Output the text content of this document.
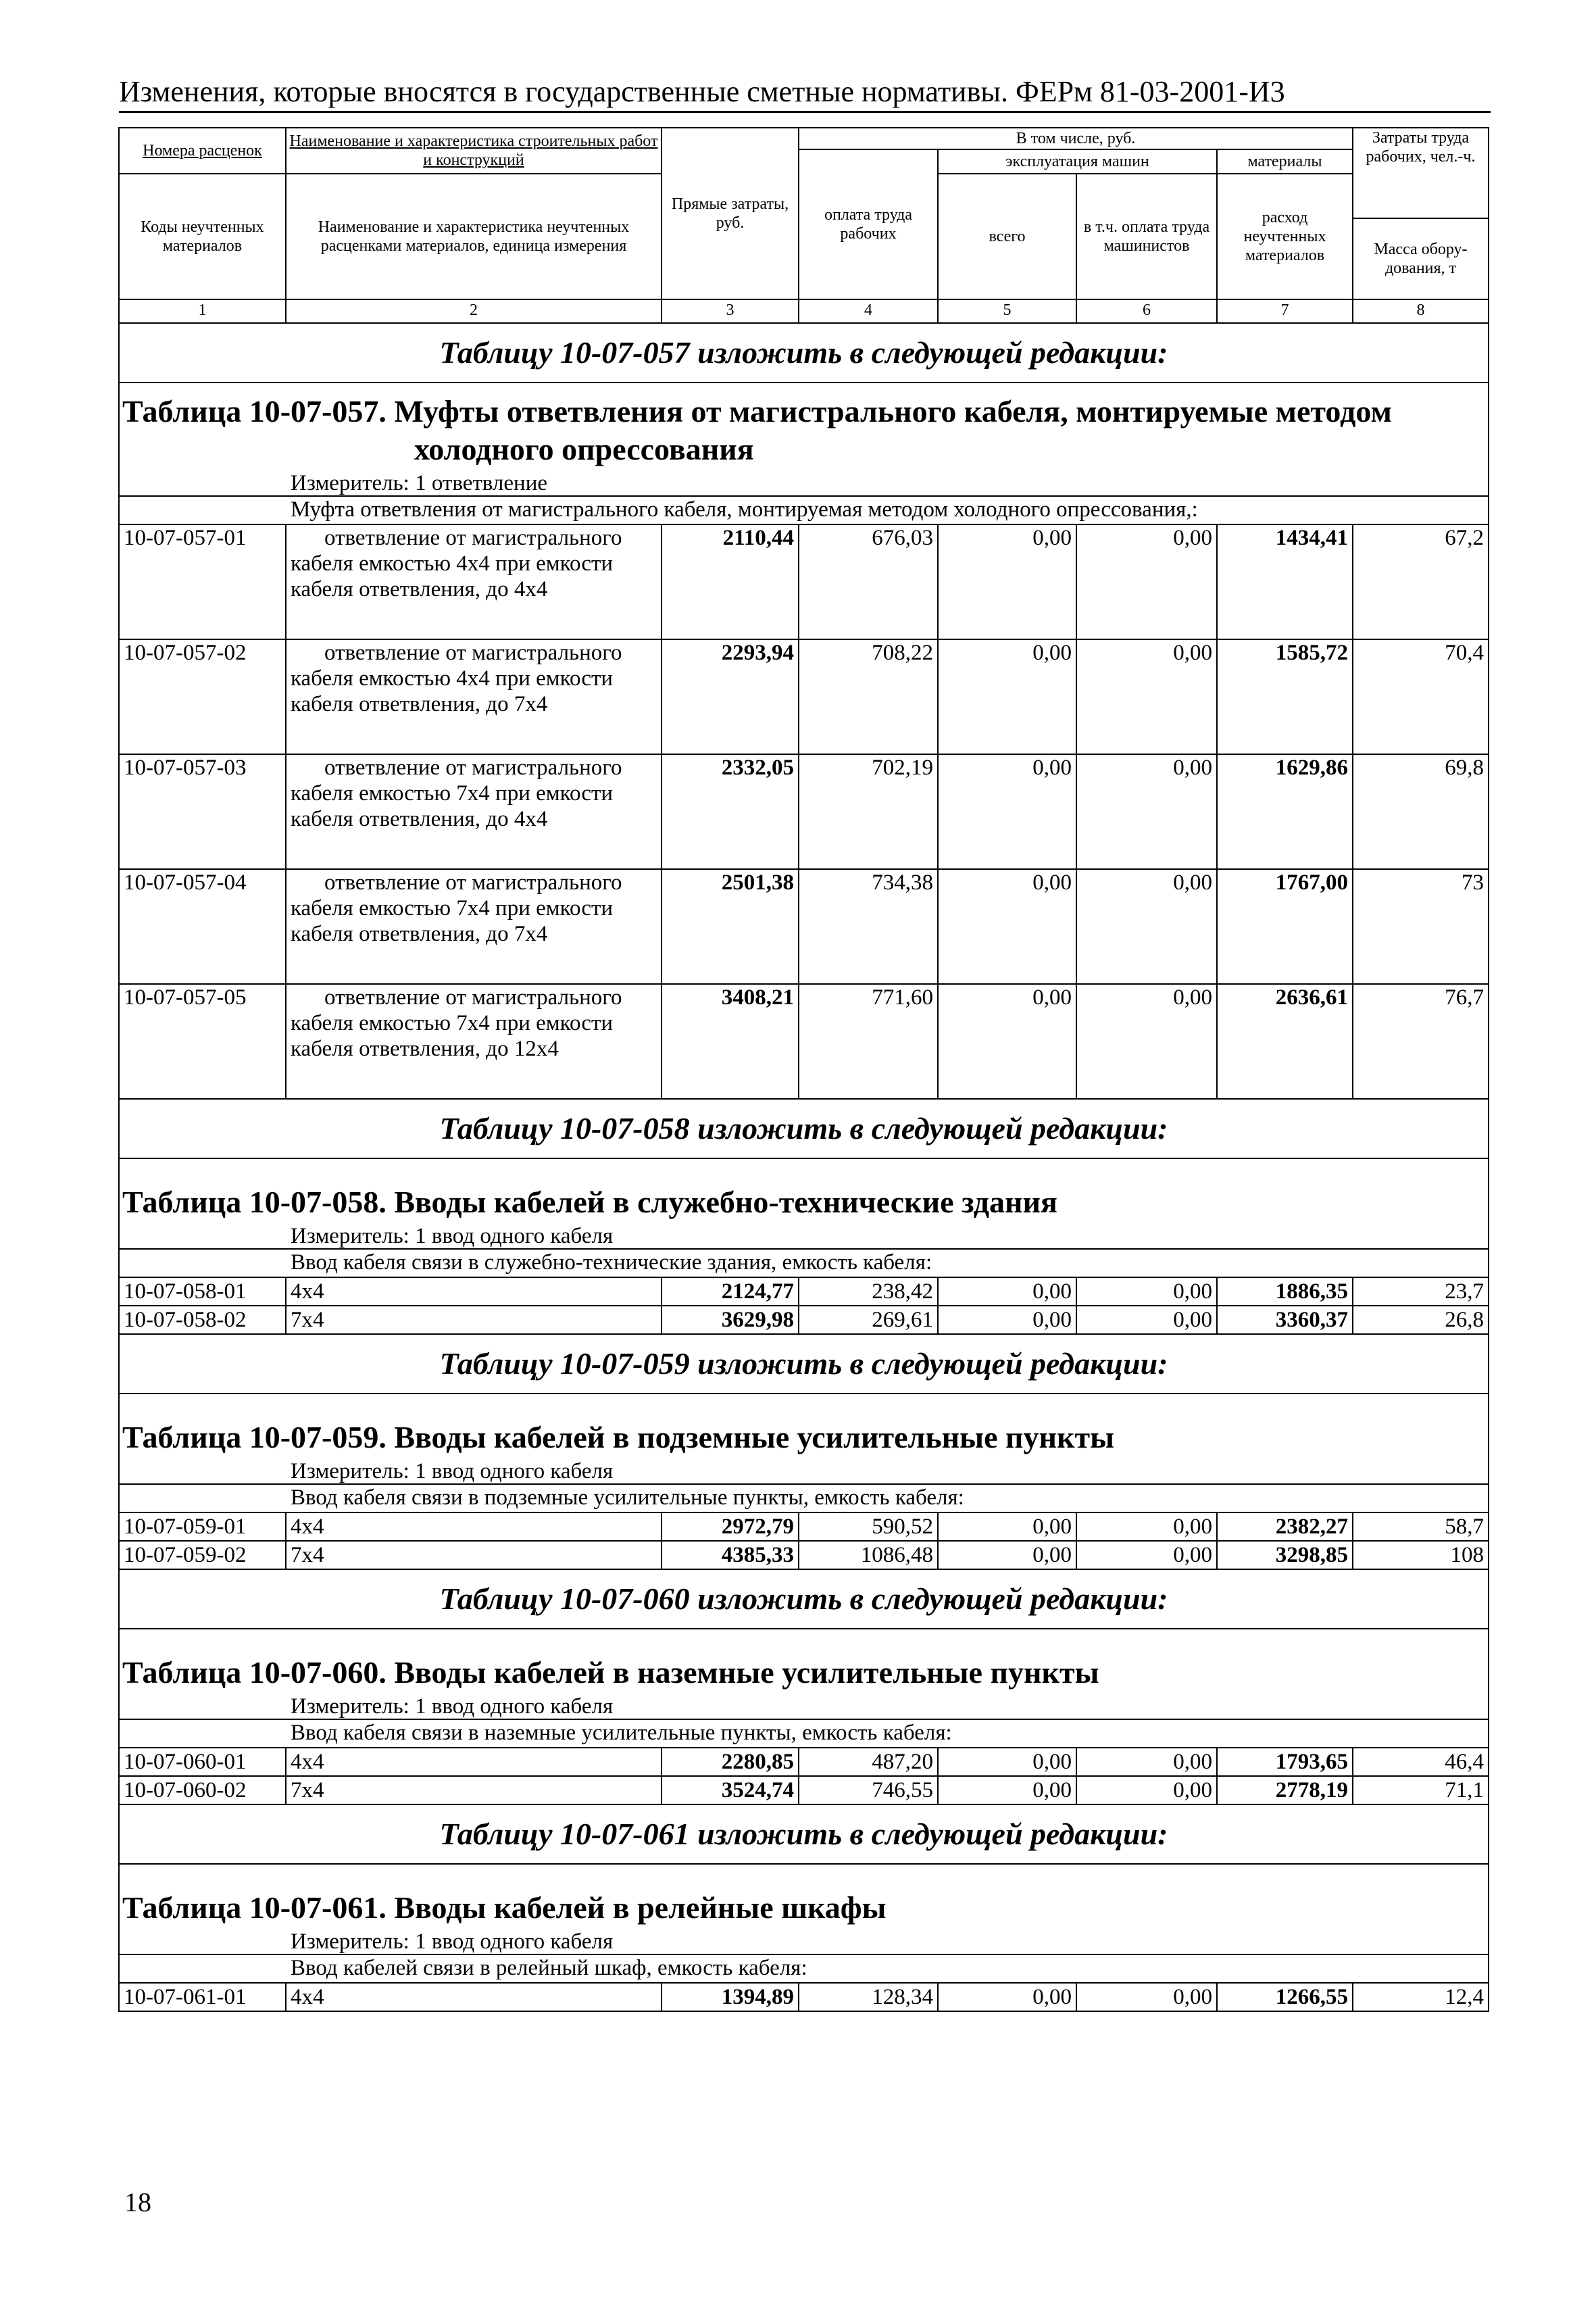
Изменения, которые вносятся в государственные сметные нормативы. ФЕРм 81-03-2001-И3
Номера расценок	Наименование и характеристика строительных работ и конструкций	Прямые затраты, руб.	В том числе, руб.				Затраты труда рабочих, чел.-ч.
			оплата труда рабочих	эксплуатация машин		материалы	
Коды неучтенных материалов	Наименование и характеристика неучтенных расценками материалов, единица измерения			всего	в т.ч. оплата труда машинистов	расход неучтенных материалов	
							Масса обору-дования, т
1	2	3	4	5	6	7	8
Таблицу 10-07-057 изложить в следующей редакции:							
Таблица 10-07-057. Муфты ответвления от магистрального кабеля, монтируемые методом
холодного опрессования							

Измеритель: 1 ответвление							
Муфта ответвления от магистрального кабеля, монтируемая методом холодного опрессования,:							
10-07-057-01	ответвление от магистрального кабеля емкостью 4х4 при емкости кабеля ответвления, до 4х4	2110,44	676,03	0,00	0,00	1434,41	67,2
10-07-057-02	ответвление от магистрального кабеля емкостью 4х4 при емкости кабеля ответвления, до 7х4	2293,94	708,22	0,00	0,00	1585,72	70,4
10-07-057-03	ответвление от магистрального кабеля емкостью 7х4 при емкости кабеля ответвления, до 4х4	2332,05	702,19	0,00	0,00	1629,86	69,8
10-07-057-04	ответвление от магистрального кабеля емкостью 7х4 при емкости кабеля ответвления, до 7х4	2501,38	734,38	0,00	0,00	1767,00	73
10-07-057-05	ответвление от магистрального кабеля емкостью 7х4 при емкости кабеля ответвления, до 12х4	3408,21	771,60	0,00	0,00	2636,61	76,7
Таблицу 10-07-058 изложить в следующей редакции:							
Таблица 10-07-058. Вводы кабелей в служебно-технические здания							
Измеритель: 1 ввод одного кабеля							
Ввод кабеля связи в служебно-технические здания, емкость кабеля:							
10-07-058-01	4х4	2124,77	238,42	0,00	0,00	1886,35	23,7
10-07-058-02	7х4	3629,98	269,61	0,00	0,00	3360,37	26,8
Таблицу 10-07-059 изложить в следующей редакции:							
Таблица 10-07-059. Вводы кабелей в подземные усилительные пункты							
Измеритель: 1 ввод одного кабеля							
Ввод кабеля связи в подземные усилительные пункты, емкость кабеля:							
10-07-059-01	4х4	2972,79	590,52	0,00	0,00	2382,27	58,7
10-07-059-02	7х4	4385,33	1086,48	0,00	0,00	3298,85	108
Таблицу 10-07-060 изложить в следующей редакции:							
Таблица 10-07-060. Вводы кабелей в наземные усилительные пункты							
Измеритель: 1 ввод одного кабеля							
Ввод кабеля связи в наземные усилительные пункты, емкость кабеля:							
10-07-060-01	4х4	2280,85	487,20	0,00	0,00	1793,65	46,4
10-07-060-02	7х4	3524,74	746,55	0,00	0,00	2778,19	71,1
Таблицу 10-07-061 изложить в следующей редакции:							
Таблица 10-07-061. Вводы кабелей в релейные шкафы							
Измеритель: 1 ввод одного кабеля							
Ввод кабелей связи в релейный шкаф, емкость кабеля:							
10-07-061-01	4х4	1394,89	128,34	0,00	0,00	1266,55	12,4
18
